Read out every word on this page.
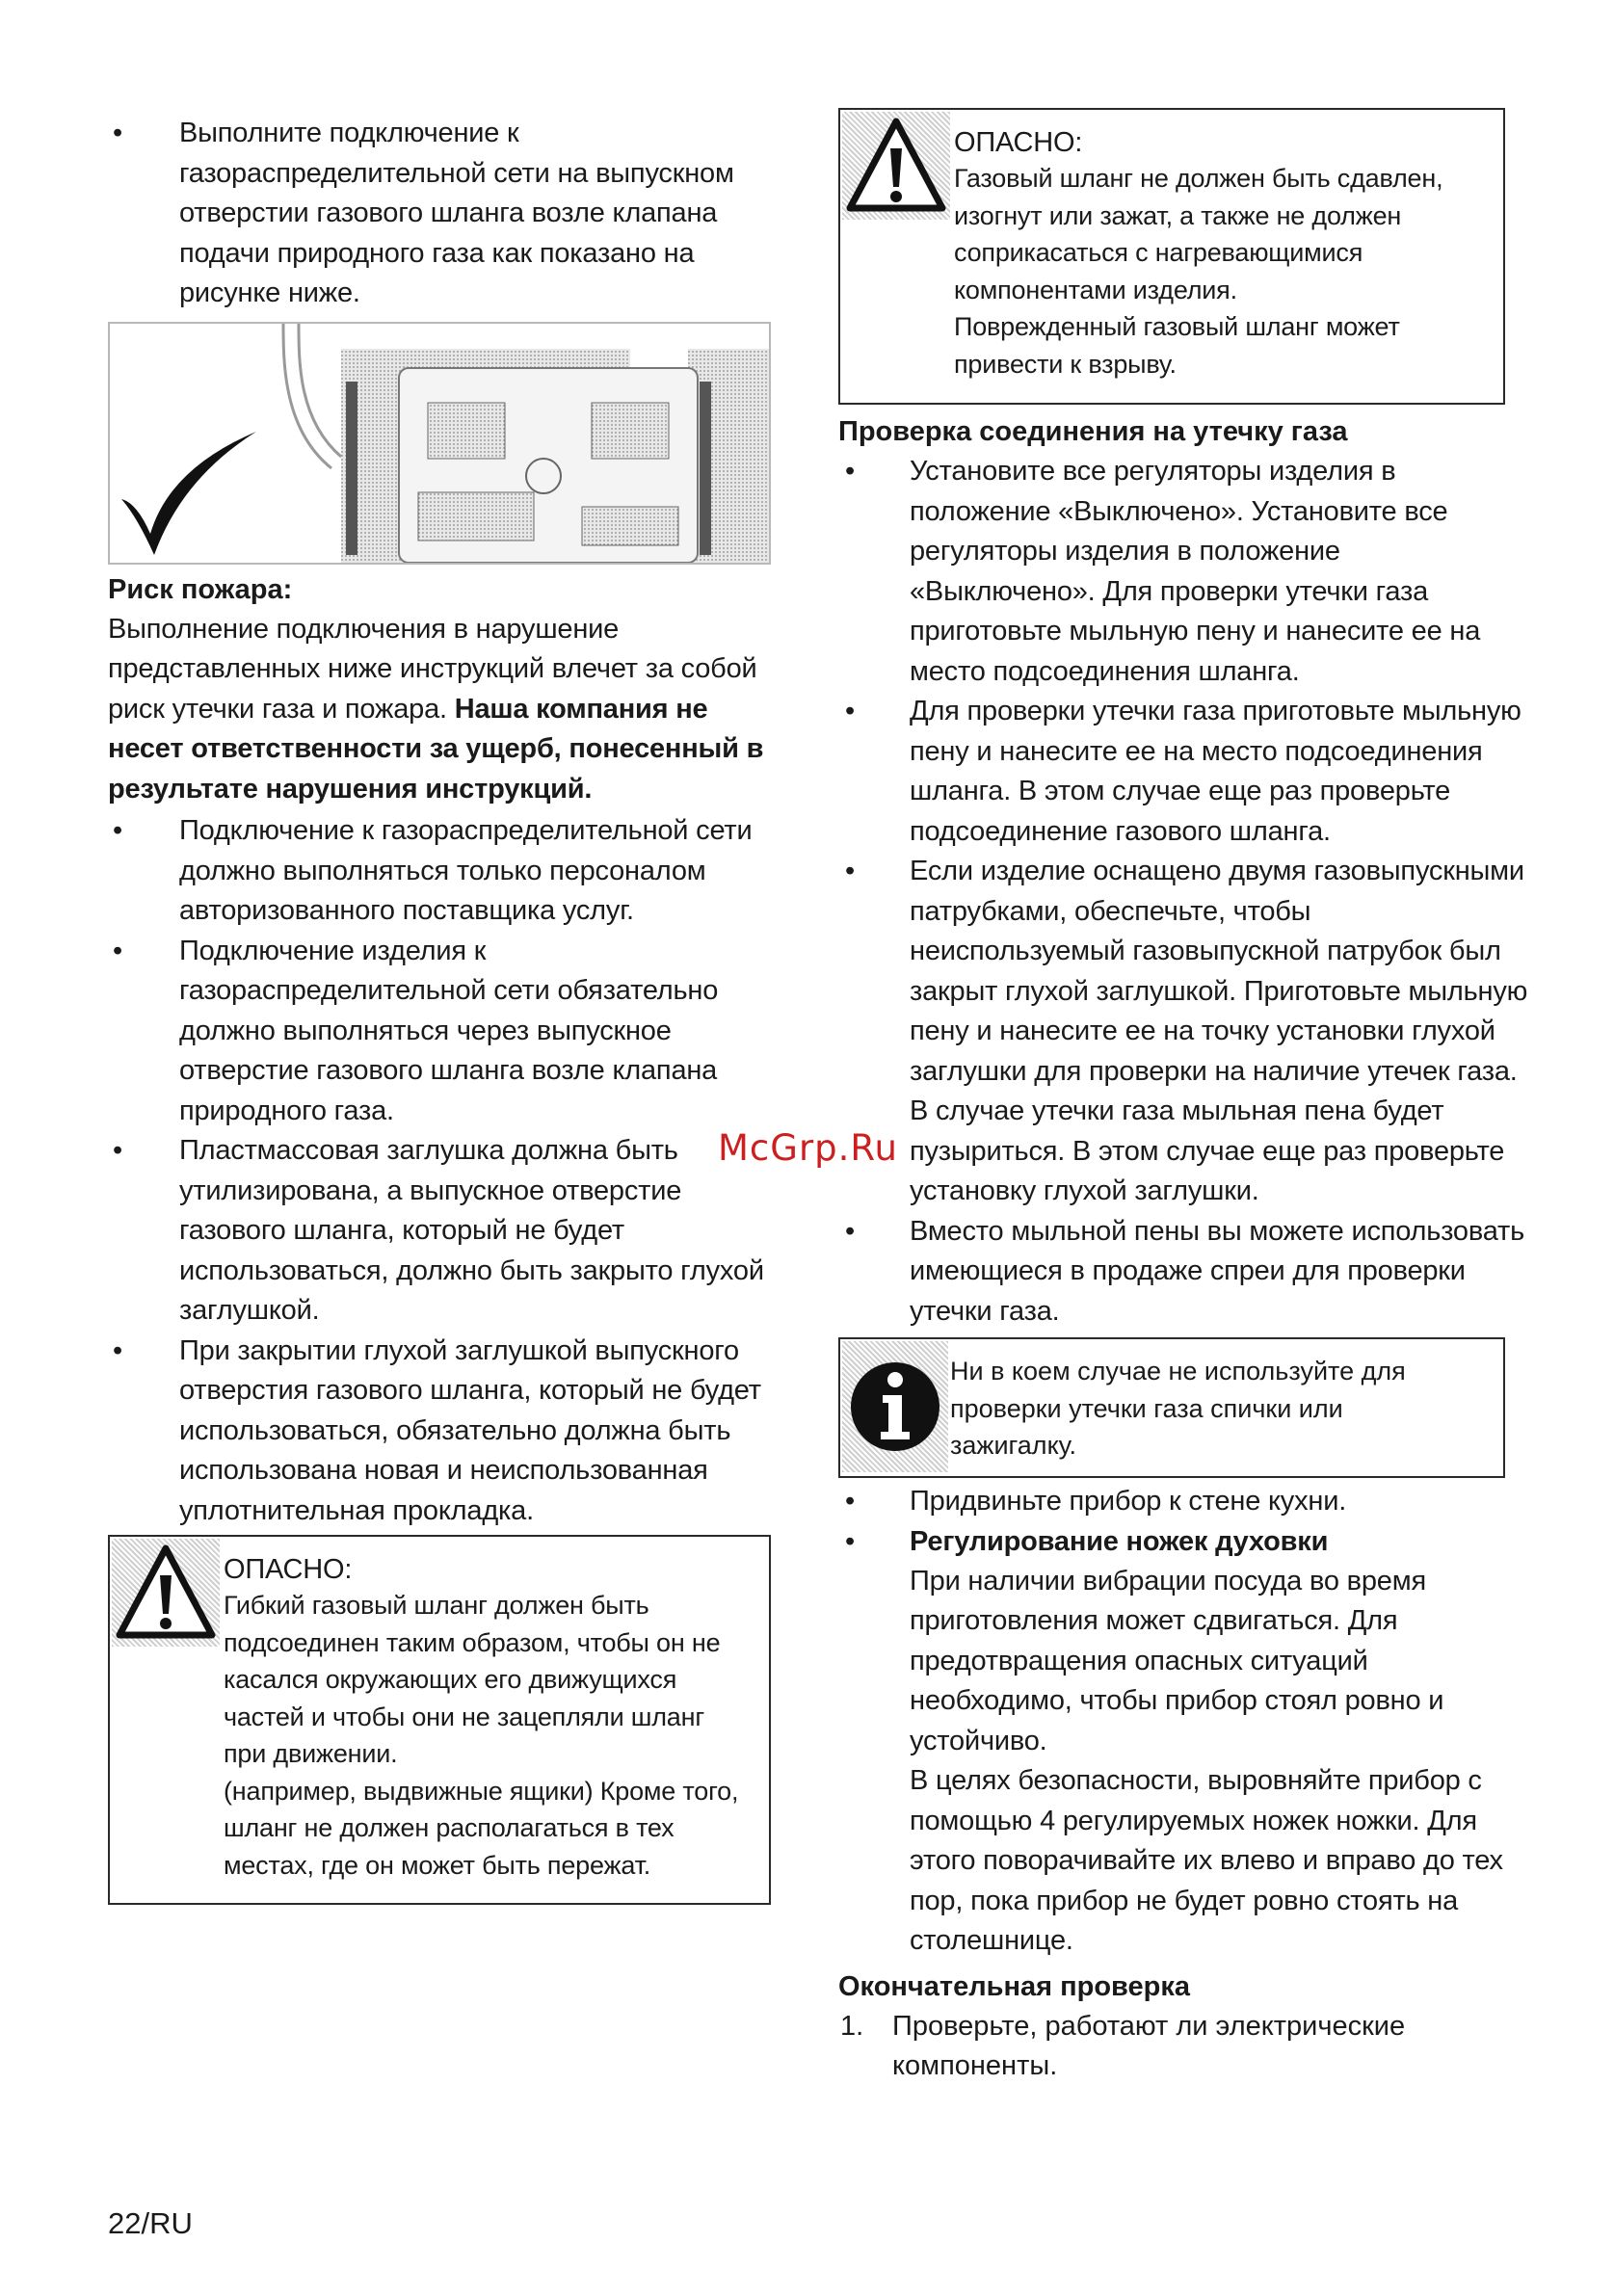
• Выполните подключение к газораспределительной сети на выпускном отверстии газового шланга возле клапана подачи природного газа как показано на рисунке ниже.
Риск пожара:
Выполнение подключения в нарушение представленных ниже инструкций влечет за собой риск утечки газа и пожара. Наша компания не несет ответственности за ущерб, понесенный в результате нарушения инструкций.
• Подключение к газораспределительной сети должно выполняться только персоналом авторизованного поставщика услуг.
• Подключение изделия к газораспределительной сети обязательно должно выполняться через выпускное отверстие газового шланга возле клапана природного газа.
• Пластмассовая заглушка должна быть утилизирована, а выпускное отверстие газового шланга, который не будет использоваться, должно быть закрыто глухой заглушкой.
• При закрытии глухой заглушкой выпускного отверстия газового шланга, который не будет использоваться, обязательно должна быть использована новая и неиспользованная уплотнительная прокладка.
ОПАСНО:
Гибкий газовый шланг должен быть
подсоединен таким образом, чтобы он не
касался окружающих его движущихся
частей и чтобы они не зацепляли шланг
при движении.
(например, выдвижные ящики) Кроме того,
шланг не должен располагаться в тех
местах, где он может быть пережат.
ОПАСНО:
Газовый шланг не должен быть сдавлен,
изогнут или зажат, а также не должен
соприкасаться с нагревающимися
компонентами изделия.
Поврежденный газовый шланг может
привести к взрыву.
Проверка соединения на утечку газа
• Установите все регуляторы изделия в положение «Выключено». Установите все регуляторы изделия в положение «Выключено». Для проверки утечки газа приготовьте мыльную пену и нанесите ее на место подсоединения шланга.
• Для проверки утечки газа приготовьте мыльную пену и нанесите ее на место подсоединения шланга. В этом случае еще раз проверьте подсоединение газового шланга.
• Если изделие оснащено двумя газовыпускными патрубками, обеспечьте, чтобы неиспользуемый газовыпускной патрубок был закрыт глухой заглушкой. Приготовьте мыльную пену и нанесите ее на точку установки глухой заглушки для проверки на наличие утечек газа. В случае утечки газа мыльная пена будет пузыриться. В этом случае еще раз проверьте установку глухой заглушки.
• Вместо мыльной пены вы можете использовать имеющиеся в продаже спреи для проверки утечки газа.
Ни в коем случае не используйте для
проверки утечки газа спички или
зажигалку.
• Придвиньте прибор к стене кухни.
• Регулирование ножек духовки
При наличии вибрации посуда во время приготовления может сдвигаться. Для предотвращения опасных ситуаций необходимо, чтобы прибор стоял ровно и устойчиво.
В целях безопасности, выровняйте прибор с помощью 4 регулируемых ножек ножки. Для этого поворачивайте их влево и вправо до тех пор, пока прибор не будет ровно стоять на столешнице.
Окончательная проверка
1. Проверьте, работают ли электрические компоненты.
McGrp.Ru
22/RU
